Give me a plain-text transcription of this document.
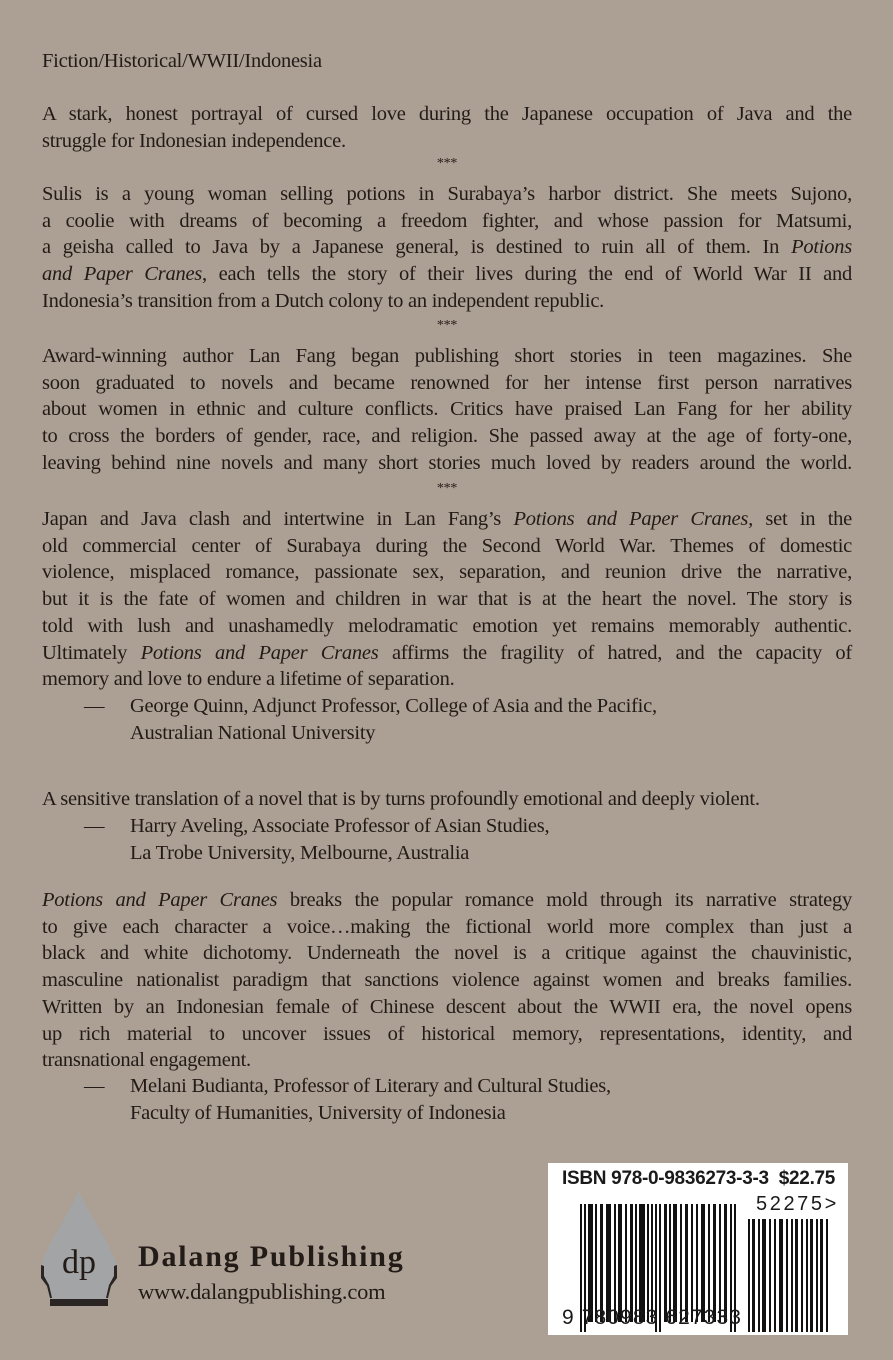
Fiction/Historical/WWII/Indonesia
A stark, honest portrayal of cursed love during the Japanese occupation of Java and the
struggle for Indonesian independence.
***
Sulis is a young woman selling potions in Surabaya’s harbor district. She meets Sujono,
a coolie with dreams of becoming a freedom fighter, and whose passion for Matsumi,
a geisha called to Java by a Japanese general, is destined to ruin all of them. In Potions
and Paper Cranes, each tells the story of their lives during the end of World War II and
Indonesia’s transition from a Dutch colony to an independent republic.
***
Award-winning author Lan Fang began publishing short stories in teen magazines. She
soon graduated to novels and became renowned for her intense first person narratives
about women in ethnic and culture conflicts. Critics have praised Lan Fang for her ability
to cross the borders of gender, race, and religion. She passed away at the age of forty-one,
leaving behind nine novels and many short stories much loved by readers around the world.
***
Japan and Java clash and intertwine in Lan Fang’s Potions and Paper Cranes, set in the
old commercial center of Surabaya during the Second World War. Themes of domestic
violence, misplaced romance, passionate sex, separation, and reunion drive the narrative,
but it is the fate of women and children in war that is at the heart the novel. The story is
told with lush and unashamedly melodramatic emotion yet remains memorably authentic.
Ultimately Potions and Paper Cranes affirms the fragility of hatred, and the capacity of
memory and love to endure a lifetime of separation.
— George Quinn, Adjunct Professor, College of Asia and the Pacific,
Australian National University
A sensitive translation of a novel that is by turns profoundly emotional and deeply violent.
— Harry Aveling, Associate Professor of Asian Studies,
La Trobe University, Melbourne, Australia
Potions and Paper Cranes breaks the popular romance mold through its narrative strategy
to give each character a voice…making the fictional world more complex than just a
black and white dichotomy. Underneath the novel is a critique against the chauvinistic,
masculine nationalist paradigm that sanctions violence against women and breaks families.
Written by an Indonesian female of Chinese descent about the WWII era, the novel opens
up rich material to uncover issues of historical memory, representations, identity, and
transnational engagement.
— Melani Budianta, Professor of Literary and Cultural Studies,
Faculty of Humanities, University of Indonesia
dp Dalang Publishing
www.dalangpublishing.com
ISBN 978-0-9836273-3-3 $22.75
52275>
9 780983 627333
